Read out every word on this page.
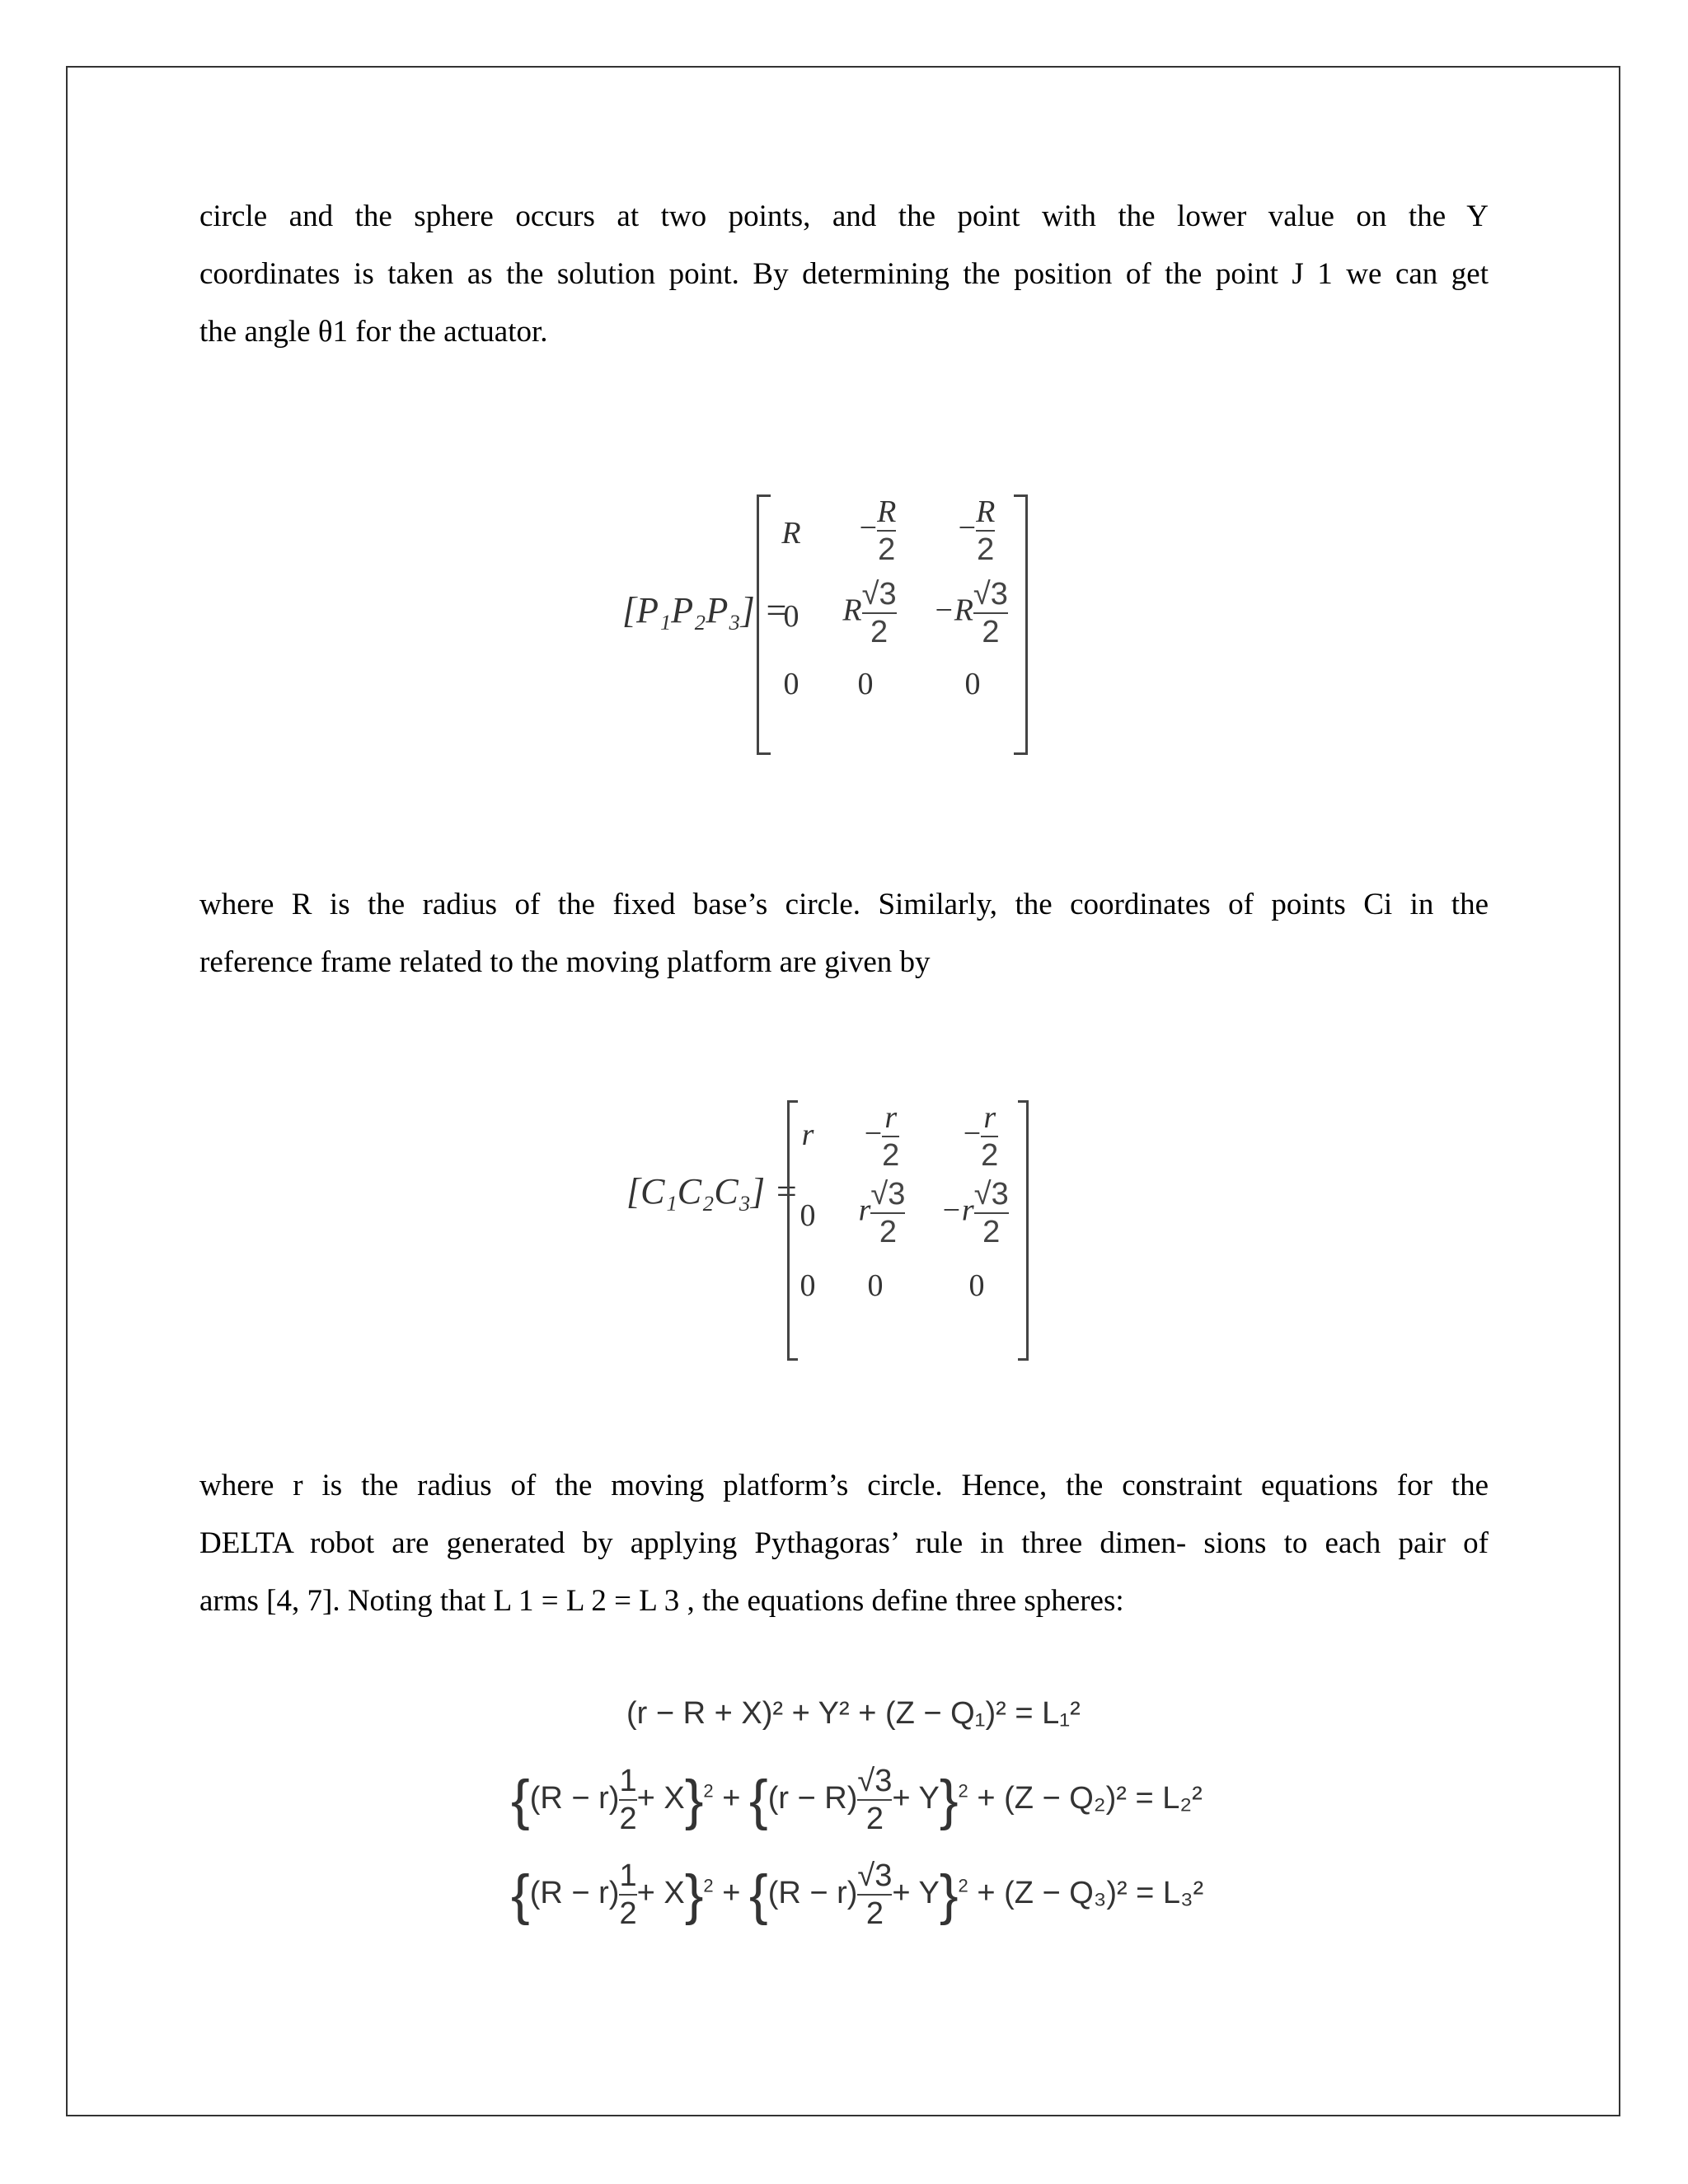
circle and the sphere occurs at two points, and the point with the lower value on the Y
coordinates is taken as the solution point. By determining the position of the point J 1 we can get
the angle θ1 for the actuator.
[P₁P₂P₃] =
R	− $\frac{R}{2}$	− $\frac{R}{2}$
0	R $\frac{√3}{2}$	$-R \frac{√3}{2}$
0 0	0
where R is the radius of the fixed base’s circle. Similarly, the coordinates of points Ci in the
reference frame related to the moving platform are given by
[C₁C₂C₃] =
r	− $\frac{r}{2}$	− $\frac{r}{2}$
0	r $\frac{√3}{2}$	$-r \frac{√3}{2}$
0 0	0
where r is the radius of the moving platform’s circle. Hence, the constraint equations for the
DELTA robot are generated by applying Pythagoras’ rule in three dimen- sions to each pair of
arms [4, 7]. Noting that L 1 = L 2 = L 3 , the equations define three spheres:
(r − R + X)² + Y² + (Z − Q₁)² = L₁²
$\{(R - r) \frac{1}{2} + X\}^2 + \{(r - R) \frac{√3}{2} + Y\}^2 + (Z - Q_2)^2 = L_2^2$
$\{(R - r) \frac{1}{2} + X\}^2 + \{(R - r) \frac{√3}{2} + Y\}^2 + (Z - Q_3)^2 = L_3^2$
